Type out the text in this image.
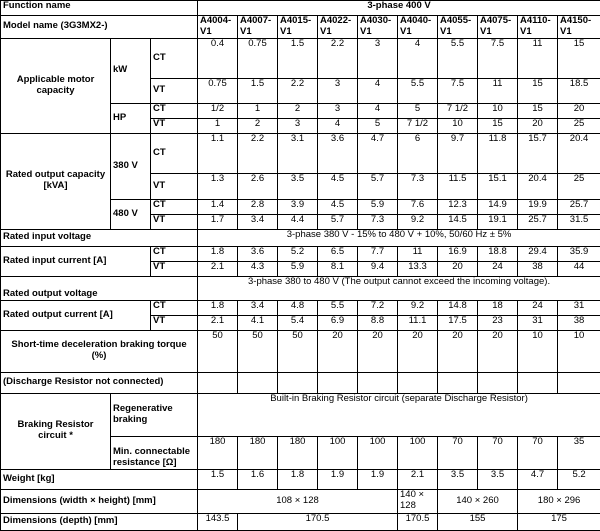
Function name			3-phase 400 V									
Model name (3G3MX2-)			A4004-V1	A4007-V1	A4015-V1	A4022-V1	A4030-V1	A4040-V1	A4055-V1	A4075-V1	A4110-V1	A4150-V1
Applicable motor capacity	kW	CT	0.4	0.75	1.5	2.2	3	4	5.5	7.5	11	15
		VT	0.75	1.5	2.2	3	4	5.5	7.5	11	15	18.5
	HP	CT	1/2	1	2	3	4	5	7 1/2	10	15	20
		VT	1	2	3	4	5	7 1/2	10	15	20	25
Rated output capacity [kVA]	380 V	CT	1.1	2.2	3.1	3.6	4.7	6	9.7	11.8	15.7	20.4
		VT	1.3	2.6	3.5	4.5	5.7	7.3	11.5	15.1	20.4	25
	480 V	CT	1.4	2.8	3.9	4.5	5.9	7.6	12.3	14.9	19.9	25.7
		VT	1.7	3.4	4.4	5.7	7.3	9.2	14.5	19.1	25.7	31.5
Rated input voltage			3-phase 380 V - 15% to 480 V + 10%, 50/60 Hz ± 5%									
Rated input current [A]		CT	1.8	3.6	5.2	6.5	7.7	11	16.9	18.8	29.4	35.9
		VT	2.1	4.3	5.9	8.1	9.4	13.3	20	24	38	44
Rated output voltage			3-phase 380 to 480 V (The output cannot exceed the incoming voltage).									
Rated output current [A]		CT	1.8	3.4	4.8	5.5	7.2	9.2	14.8	18	24	31
		VT	2.1	4.1	5.4	6.9	8.8	11.1	17.5	23	31	38
Short-time deceleration braking torque (%)			50	50	50	20	20	20	20	20	10	10
(Discharge Resistor not connected)												
Braking Resistor circuit *	Regenerative braking		Built-in Braking Resistor circuit (separate Discharge Resistor)									
	Min. connectable resistance [Ω]		180	180	180	100	100	100	70	70	70	35
Weight [kg]			1.5	1.6	1.8	1.9	1.9	2.1	3.5	3.5	4.7	5.2
Dimensions (width × height) [mm]			108 × 128					140 × 128	140 × 260		180 × 296	
Dimensions (depth) [mm]			143.5	170.5				170.5	155		175	
